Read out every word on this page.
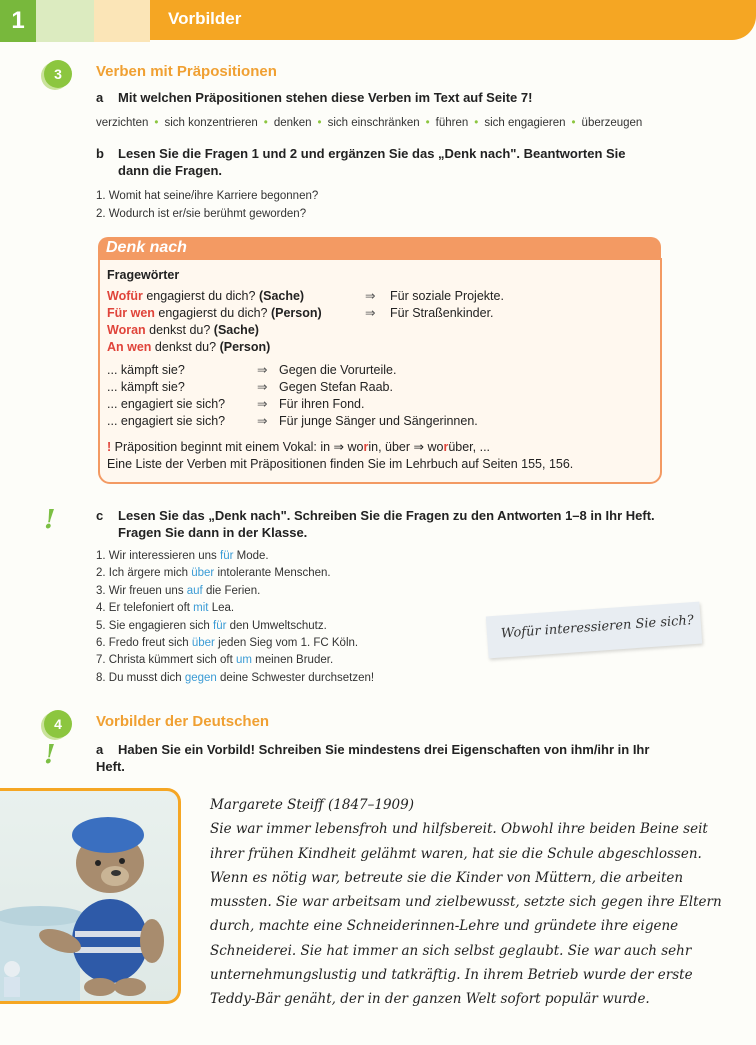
1	Vorbilder
3	Verben mit Präpositionen
a Mit welchen Präpositionen stehen diese Verben im Text auf Seite 7!
verzichten • sich konzentrieren • denken • sich einschränken • führen • sich engagieren • überzeugen
b Lesen Sie die Fragen 1 und 2 und ergänzen Sie das „Denk nach". Beantworten Sie
dann die Fragen.
1. Womit hat seine/ihre Karriere begonnen?
2. Wodurch ist er/sie berühmt geworden?
Denk nach
Fragewörter
Wofür engagierst du dich? (Sache)	⇒ Für soziale Projekte.
Für wen engagierst du dich? (Person)	⇒ Für Straßenkinder.
Woran denkst du? (Sache)
An wen denkst du? (Person)
... kämpft sie?	⇒ Gegen die Vorurteile.
... kämpft sie?	⇒ Gegen Stefan Raab.
... engagiert sie sich?	⇒ Für ihren Fond.
... engagiert sie sich?	⇒ Für junge Sänger und Sängerinnen.
! Präposition beginnt mit einem Vokal: in ⇒ worin, über ⇒ worüber, ...
Eine Liste der Verben mit Präpositionen finden Sie im Lehrbuch auf Seiten 155, 156.
!	c Lesen Sie das „Denk nach". Schreiben Sie die Fragen zu den Antworten 1–8 in Ihr Heft.
Fragen Sie dann in der Klasse.
1. Wir interessieren uns für Mode.
2. Ich ärgere mich über intolerante Menschen.
3. Wir freuen uns auf die Ferien.
4. Er telefoniert oft mit Lea.
5. Sie engagieren sich für den Umweltschutz.
6. Fredo freut sich über jeden Sieg vom 1. FC Köln.
7. Christa kümmert sich oft um meinen Bruder.
8. Du musst dich gegen deine Schwester durchsetzen!
Wofür interessieren Sie sich?
4	Vorbilder der Deutschen
!	a Haben Sie ein Vorbild! Schreiben Sie mindestens drei Eigenschaften von ihm/ihr in Ihr
Heft.
Margarete Steiff (1847–1909)
Sie war immer lebensfroh und hilfsbereit. Obwohl ihre beiden Beine seit
ihrer frühen Kindheit gelähmt waren, hat sie die Schule abgeschlossen.
Wenn es nötig war, betreute sie die Kinder von Müttern, die arbeiten
mussten. Sie war arbeitsam und zielbewusst, setzte sich gegen ihre Eltern
durch, machte eine Schneiderinnen-Lehre und gründete ihre eigene
Schneiderei. Sie hat immer an sich selbst geglaubt. Sie war auch sehr
unternehmungslustig und tatkräftig. In ihrem Betrieb wurde der erste
Teddy-Bär genäht, der in der ganzen Welt sofort populär wurde.
